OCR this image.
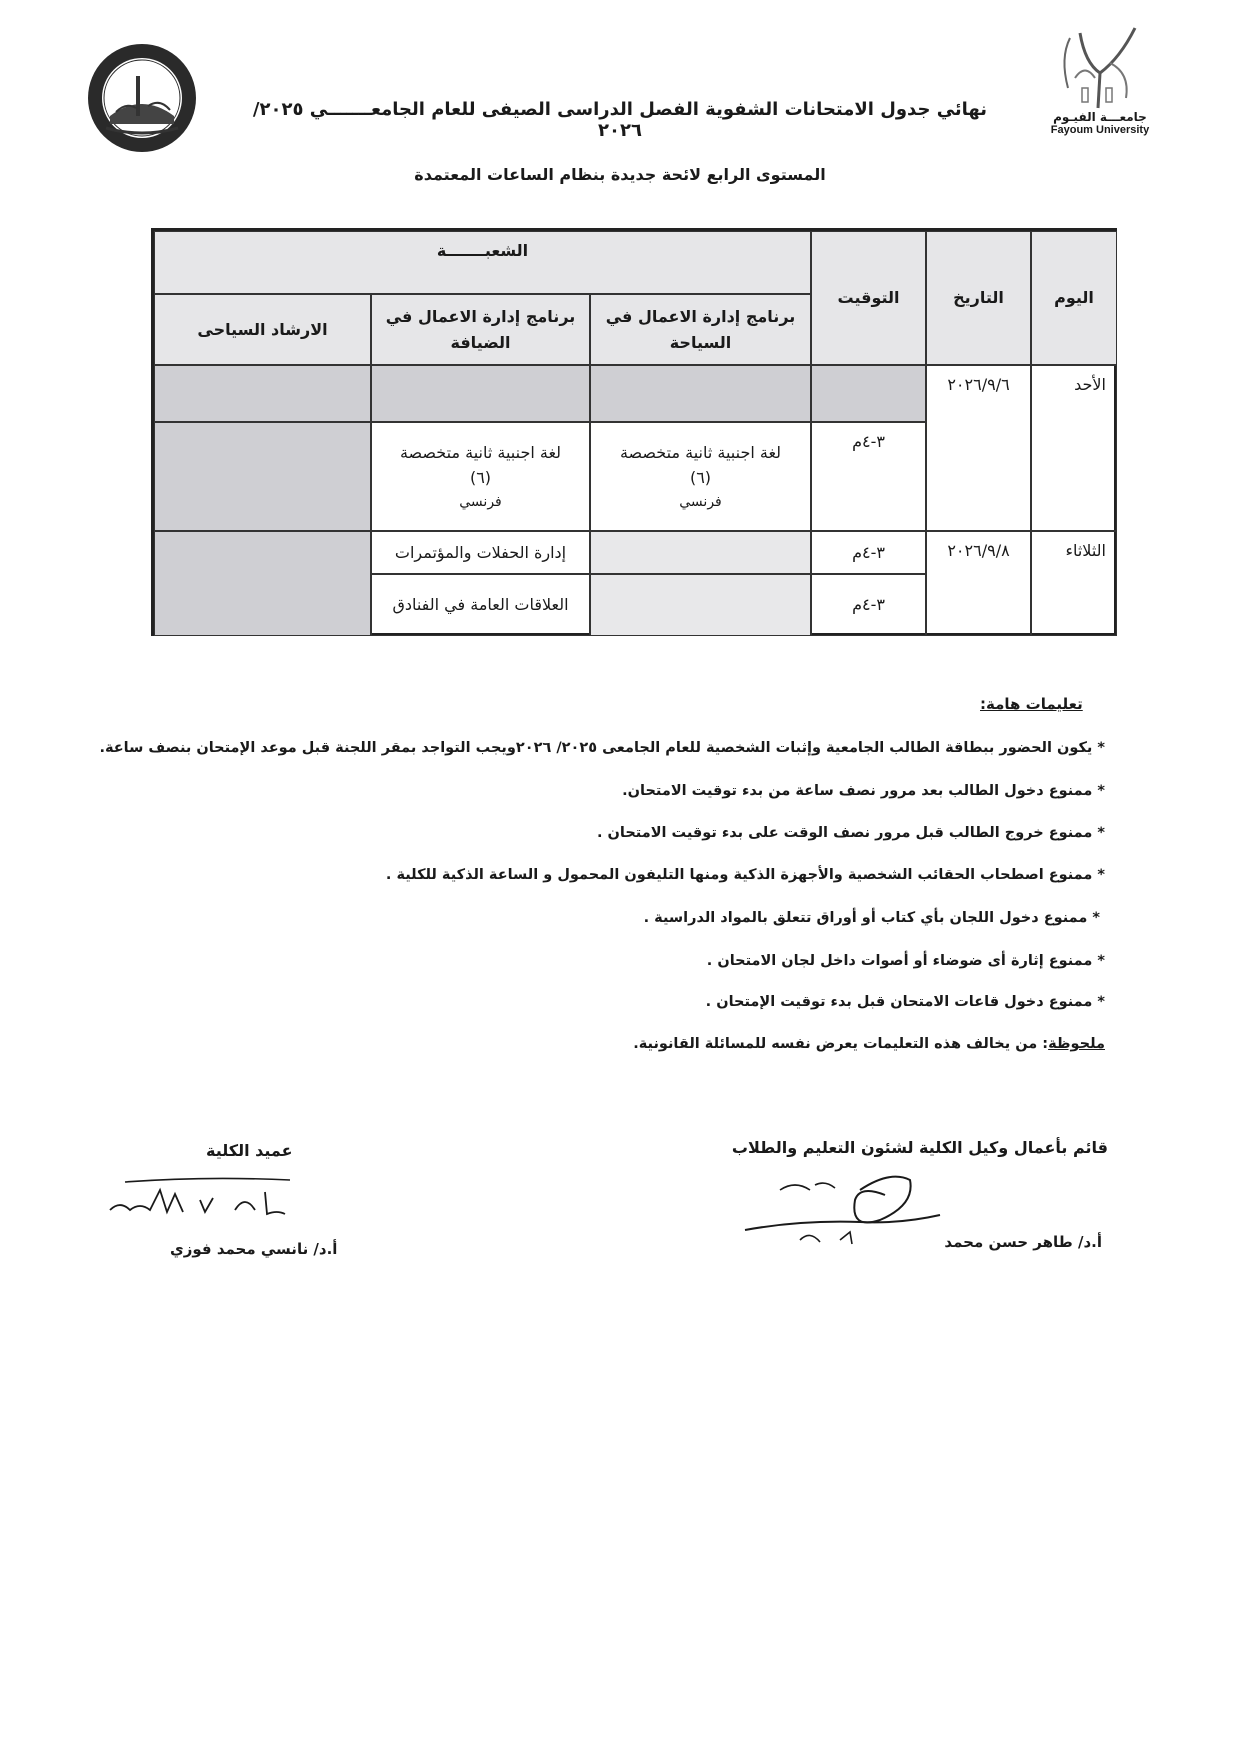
جامعـــة الفيـوم
Fayoum University
نهائي جدول الامتحانات الشفوية الفصل الدراسى الصيفى للعام الجامعـــــــي ٢٠٢٥/ ٢٠٢٦
المستوى الرابع لائحة جديدة بنظام الساعات المعتمدة
اليوم
التاريخ
التوقيت
الشعبـــــــة
برنامج إدارة الاعمال في السياحة
برنامج إدارة الاعمال في الضيافة
الارشاد السياحى
الأحد
٢٠٢٦/٩/٦
٣-٤م
لغة اجنبية ثانية متخصصة
(٦)
فرنسي
لغة اجنبية ثانية متخصصة
(٦)
فرنسي
الثلاثاء
٢٠٢٦/٩/٨
٣-٤م
إدارة الحفلات والمؤتمرات
٣-٤م
العلاقات العامة في الفنادق
تعليمات هامة:
* يكون الحضور ببطاقة الطالب الجامعية وإثبات الشخصية للعام الجامعى ٢٠٢٥/ ٢٠٢٦ويجب التواجد بمقر اللجنة قبل موعد الإمتحان بنصف ساعة.
* ممنوع دخول الطالب بعد مرور نصف ساعة من بدء توقيت الامتحان.
* ممنوع خروج الطالب قبل مرور نصف الوقت على بدء توقيت الامتحان .
* ممنوع اصطحاب الحقائب الشخصية والأجهزة الذكية ومنها التليفون المحمول و الساعة الذكية للكلية .
* ممنوع دخول اللجان بأي كتاب أو أوراق تتعلق بالمواد الدراسية .
* ممنوع إثارة أى ضوضاء أو أصوات داخل لجان الامتحان .
* ممنوع دخول قاعات الامتحان قبل بدء توقيت الإمتحان .
ملحوظة: من يخالف هذه التعليمات يعرض نفسه للمسائلة القانونية.
قائم بأعمال وكيل الكلية لشئون التعليم والطلاب
أ.د/ طاهر حسن محمد
عميد الكلية
أ.د/ نانسي محمد فوزي
